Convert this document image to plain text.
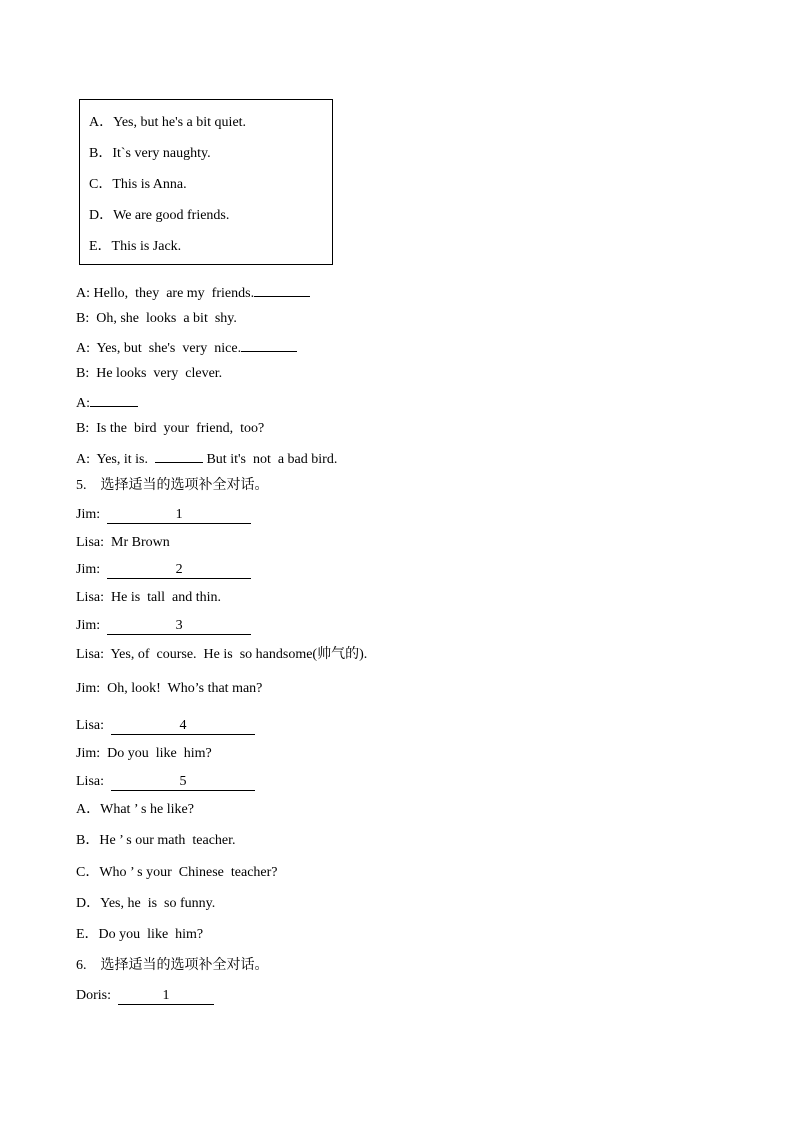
A．Yes, but he's a bit quiet.
B．It`s very naughty.
C．This is Anna.
D．We are good friends.
E．This is Jack.
A: Hello,  they  are my  friends.
B:  Oh, she  looks  a bit  shy.
A:  Yes, but  she's  very  nice.
B:  He looks  very  clever.
A:
B:  Is the  bird  your  friend,  too?
A:  Yes, it is.	But it's  not  a bad bird.
5. 选择适当的选项补全对话。
Jim:	1
Lisa:  Mr Brown
Jim:	2
Lisa:  He is  tall  and thin.
Jim:	3
Lisa:  Yes, of  course.  He is  so handsome(帅气的).
Jim:  Oh, look!  Who’s that man?
Lisa:	4
Jim:  Do you  like  him?
Lisa:	5
A．What ’ s he like?
B．He ’ s our math  teacher.
C．Who ’ s your  Chinese  teacher?
D．Yes, he  is  so funny.
E．Do you  like  him?
6. 选择适当的选项补全对话。
Doris:	1
